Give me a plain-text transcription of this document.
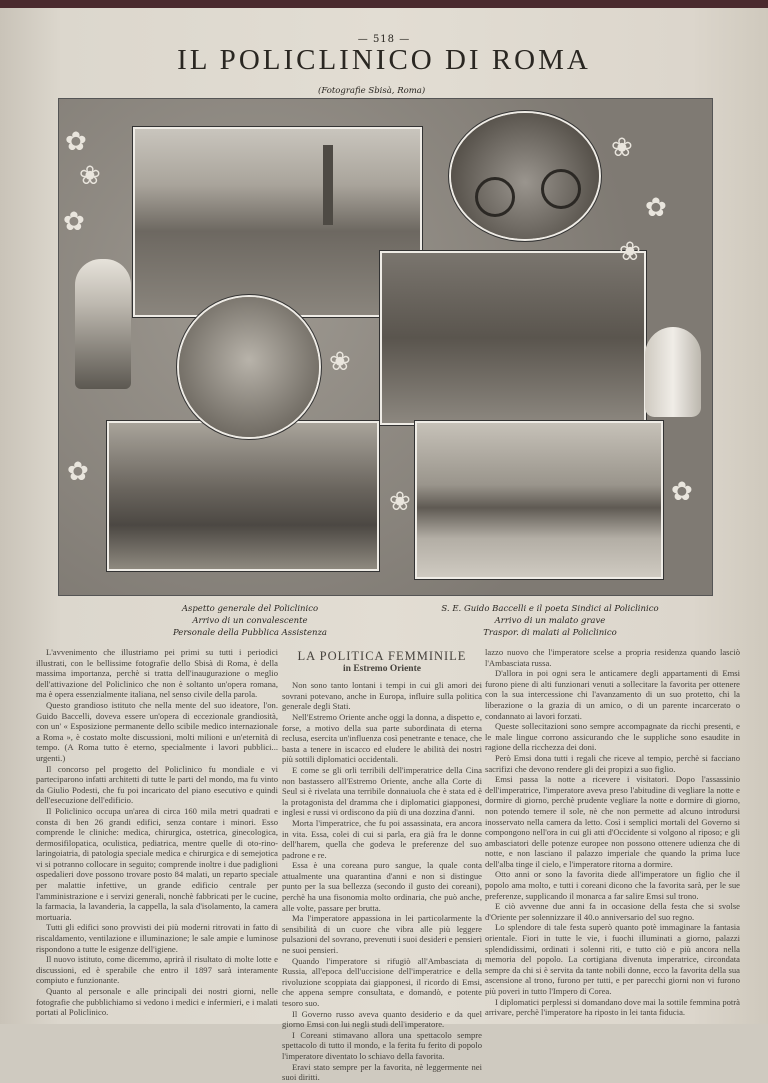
— 518 —
IL POLICLINICO DI ROMA
(Fotografie Sbisà, Roma)
✿
❀
✿
❀
✿
❀
✿
❀	✿
❀
Aspetto generale del Policlinico
Arrivo di un convalescente
Personale della Pubblica Assistenza
S. E. Guido Baccelli e il poeta Sindici al Policlinico
Arrivo di un malato grave
Traspor. di malati al Policlinico

L'avvenimento che illustriamo pei primi su tutti i periodici illustrati, con le bellissime fotografie dello Sbisà di Roma, è della massima importanza, perchè si tratta dell'inaugurazione o meglio dell'attivazione del Policlinico che non è soltanto un'opera romana, ma è opera essenzialmente italiana, nel senso civile della parola.

Questo grandioso istituto che nella mente del suo ideatore, l'on. Guido Baccelli, doveva essere un'opera di eccezionale grandiosità, con un' « Esposizione permanente dello scibile medico internazionale a Roma », è costato molte discussioni, molti milioni e un'eternità di tempo. (A Roma tutto è eterno, specialmente i lavori pubblici... urgenti.)

Il concorso pel progetto del Policlinico fu mondiale e vi parteciparono infatti architetti di tutte le parti del mondo, ma fu vinto da Giulio Podesti, che fu poi incaricato del piano esecutivo e quindi dell'esecuzione dell'edificio.

Il Policlinico occupa un'area di circa 160 mila metri quadrati e consta di ben 26 grandi edifici, senza contare i minori. Esso comprende le cliniche: medica, chirurgica, ostetrica, ginecologica, dermosifilopatica, oculistica, pediatrica, mentre quelle di oto-rino-laringoiatria, di patologia speciale medica e chirurgica e di semejotica vi si potranno collocare in seguito; comprende inoltre i due padiglioni ospedalieri dove possono trovare posto 84 malati, un reparto speciale per malattie infettive, un grande edificio centrale per l'amministrazione e i servizi generali, nonchè fabbricati per le cucine, la farmacia, la lavanderia, la cappella, la sala d'isolamento, la camera mortuaria.

Tutti gli edifici sono provvisti dei più moderni ritrovati in fatto di riscaldamento, ventilazione e illuminazione; le sale ampie e luminose rispondono a tutte le esigenze dell'igiene.

Il nuovo istituto, come dicemmo, aprirà il risultato di molte lotte e discussioni, ed è sperabile che entro il 1897 sarà interamente compiuto e funzionante.

Quanto al personale e alle principali dei nostri giorni, nelle fotografie che pubblichiamo si vedono i medici e infermieri, e i malati portati al Policlinico.

LA POLITICA FEMMINILE
in Estremo Oriente

Non sono tanto lontani i tempi in cui gli amori dei sovrani potevano, anche in Europa, influire sulla politica generale degli Stati.

Nell'Estremo Oriente anche oggi la donna, a dispetto e, forse, a motivo della sua parte subordinata di eterna reclusa, esercita un'influenza così penetrante e tenace, che basta a tenere in iscacco ed eludere le abilità dei nostri più sottili diplomatici occidentali.

E come se gli orli terribili dell'imperatrice della Cina non bastassero all'Estremo Oriente, anche alla Corte di Seul si è rivelata una terribile donnaiuola che è stata ed è la protagonista del dramma che i diplomatici giapponesi, inglesi e russi vi ordiscono da più di una dozzina d'anni.

Morta l'imperatrice, che fu poi assassinata, era ancora in vita. Essa, colei di cui si parla, era già fra le donne dell'harem, quella che godeva le preferenze del suo padrone e re.

Essa è una coreana puro sangue, la quale conta attualmente una quarantina d'anni e non si distingue punto per la sua bellezza (secondo il gusto dei coreani), perchè ha una fisonomia molto ordinaria, che può anche, alle volte, passare per brutta.

Ma l'imperatore appassiona in lei particolarmente la sensibilità di un cuore che vibra alle più leggere pulsazioni del sovrano, prevenuti i suoi desideri e pensieri ne suoi pensieri.

Quando l'imperatore si rifugiò all'Ambasciata di Russia, all'epoca dell'uccisione dell'imperatrice e della rivoluzione scoppiata dai giapponesi, il ricordo di Emsi, che appena sempre consultata, e domandò, e potente tesoro suo.

Il Governo russo aveva quanto desiderio e da quel giorno Emsi con lui negli studi dell'imperatore.

I Coreani stimavano allora una spettacolo sempre spettacolo di tutto il mondo, e la ferita fu ferito di popolo l'imperatore diventato lo schiavo della favorita.

Eravi stato sempre per la favorita, nè leggermente nei suoi diritti.

lazzo nuovo che l'imperatore scelse a propria residenza quando lasciò l'Ambasciata russa.

D'allora in poi ogni sera le anticamere degli appartamenti di Emsi furono piene di alti funzionari venuti a sollecitare la favorita per ottenere con la sua intercessione chi l'avanzamento di un suo protetto, chi la liberazione o la grazia di un amico, o di un parente incarcerato o condannato ai lavori forzati.

Queste sollecitazioni sono sempre accompagnate da ricchi presenti, e le male lingue corrono assicurando che le suppliche sono esaudite in ragione della ricchezza dei doni.

Però Emsi dona tutti i regali che riceve al tempio, perchè si facciano sacrifizi che devono rendere gli dei propizi a suo figlio.

Emsi passa la notte a ricevere i visitatori. Dopo l'assassinio dell'imperatrice, l'imperatore aveva preso l'abitudine di vegliare la notte e dormire di giorno, perchè prudente vegliare la notte e dormire di giorno, non potendo temere il sole, nè che non permette ad alcuno introdursi inosservato nella camera da letto. Così i semplici mortali del Governo si compongono nell'ora in cui gli atti d'Occidente si volgono al riposo; e gli ambasciatori delle potenze europee non possono ottenere udienza che di notte, e non lasciano il palazzo imperiale che quando la prima luce dell'alba tinge il cielo, e l'imperatore ritorna a dormire.

Otto anni or sono la favorita diede all'imperatore un figlio che il popolo ama molto, e tutti i coreani dicono che la favorita sarà, per le sue preferenze, supplicando il monarca a far salire Emsi sul trono.

E ciò avvenne due anni fa in occasione della festa che si svolse d'Oriente per solennizzare il 40.o anniversario del suo regno.

Lo splendore di tale festa superò quanto potè immaginare la fantasia orientale. Fiori in tutte le vie, i fuochi illuminati a giorno, palazzi splendidissimi, ordinati i solenni riti, e tutto ciò e più ancora nella memoria del popolo. La cortigiana divenuta imperatrice, circondata sempre da chi si è servita da tante nobili donne, ecco la favorita della sua ascensione al trono, furono per tutti, e per parecchi giorni non vi furono più poveri in tutto l'Impero di Corea.

I diplomatici perplessi si domandano dove mai la sottile femmina potrà arrivare, perchè l'imperatore ha riposto in lei tanta fiducia.
